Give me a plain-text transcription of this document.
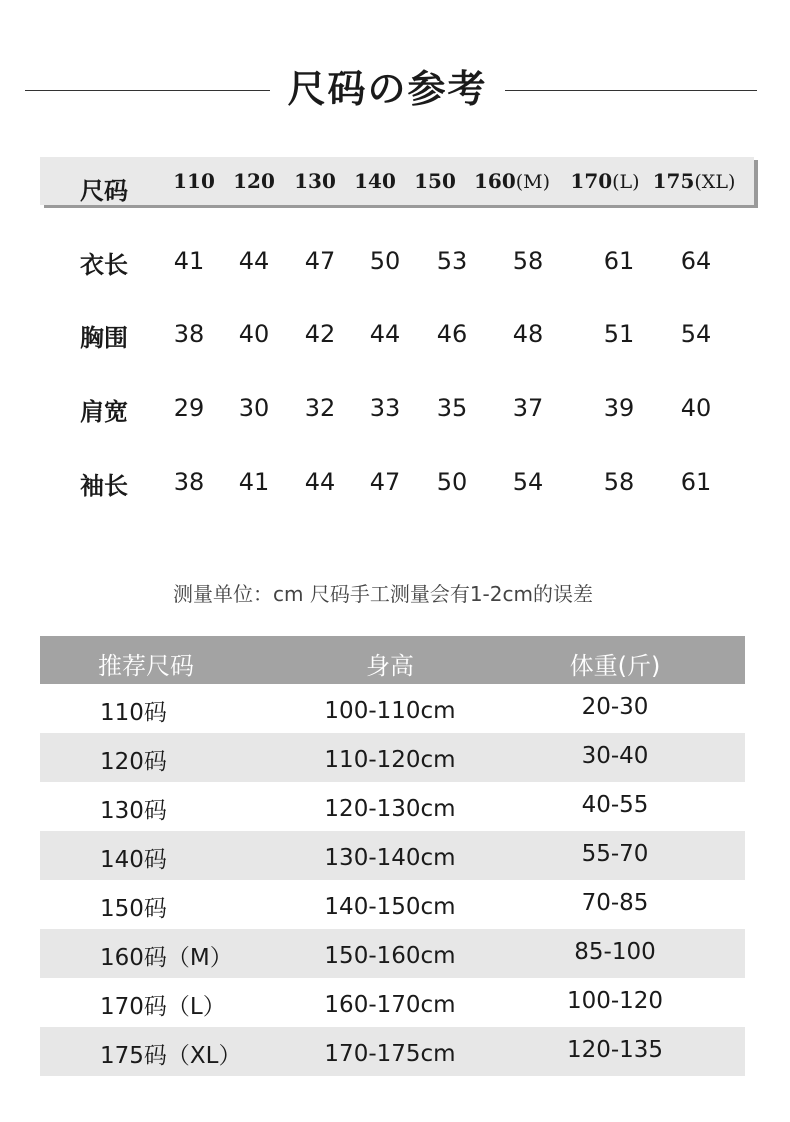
尺码の参考
尺码 110 120 130 140 150 160(M) 170(L) 175(XL)
衣长 41 44 47 50 53 58	61 64
胸围 38 40 42 44 46 48	51 54
肩宽 29 30 32 33 35 37	39 40
袖长 38 41 44 47 50 54	58 61
测量单位：cm 尺码手工测量会有1-2cm的误差
推荐尺码	身高	体重(斤)
110码	100-110cm	20-30
120码	110-120cm	30-40
130码	120-130cm	40-55
140码	130-140cm	55-70
150码	140-150cm	70-85
160码（M）	150-160cm	85-100
170码（L）	160-170cm	100-120
175码（XL）	170-175cm	120-135
